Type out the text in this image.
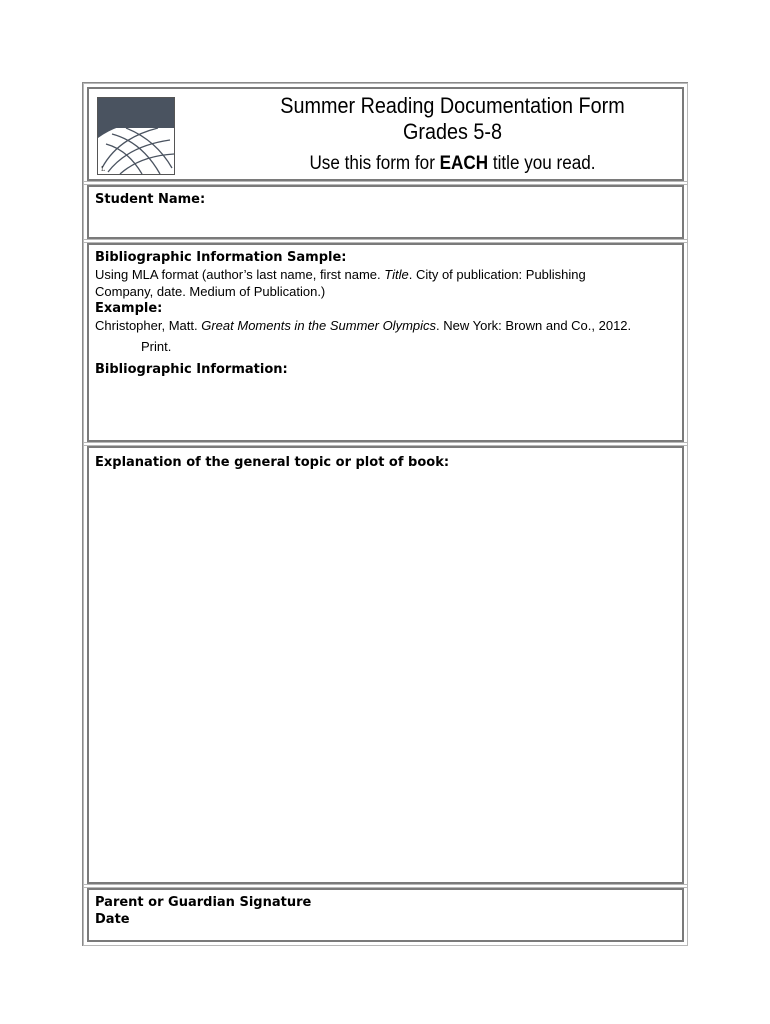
L
Summer Reading Documentation Form
Grades 5-8
Use this form for EACH title you read.
Student Name:
Bibliographic Information Sample:
Using MLA format (author’s last name, first name. Title. City of publication: Publishing
Company, date. Medium of Publication.)
Example:
Christopher, Matt. Great Moments in the Summer Olympics. New York: Brown and Co., 2012.
Print.
Bibliographic Information:
Explanation of the general topic or plot of book:
Parent or Guardian Signature
Date
